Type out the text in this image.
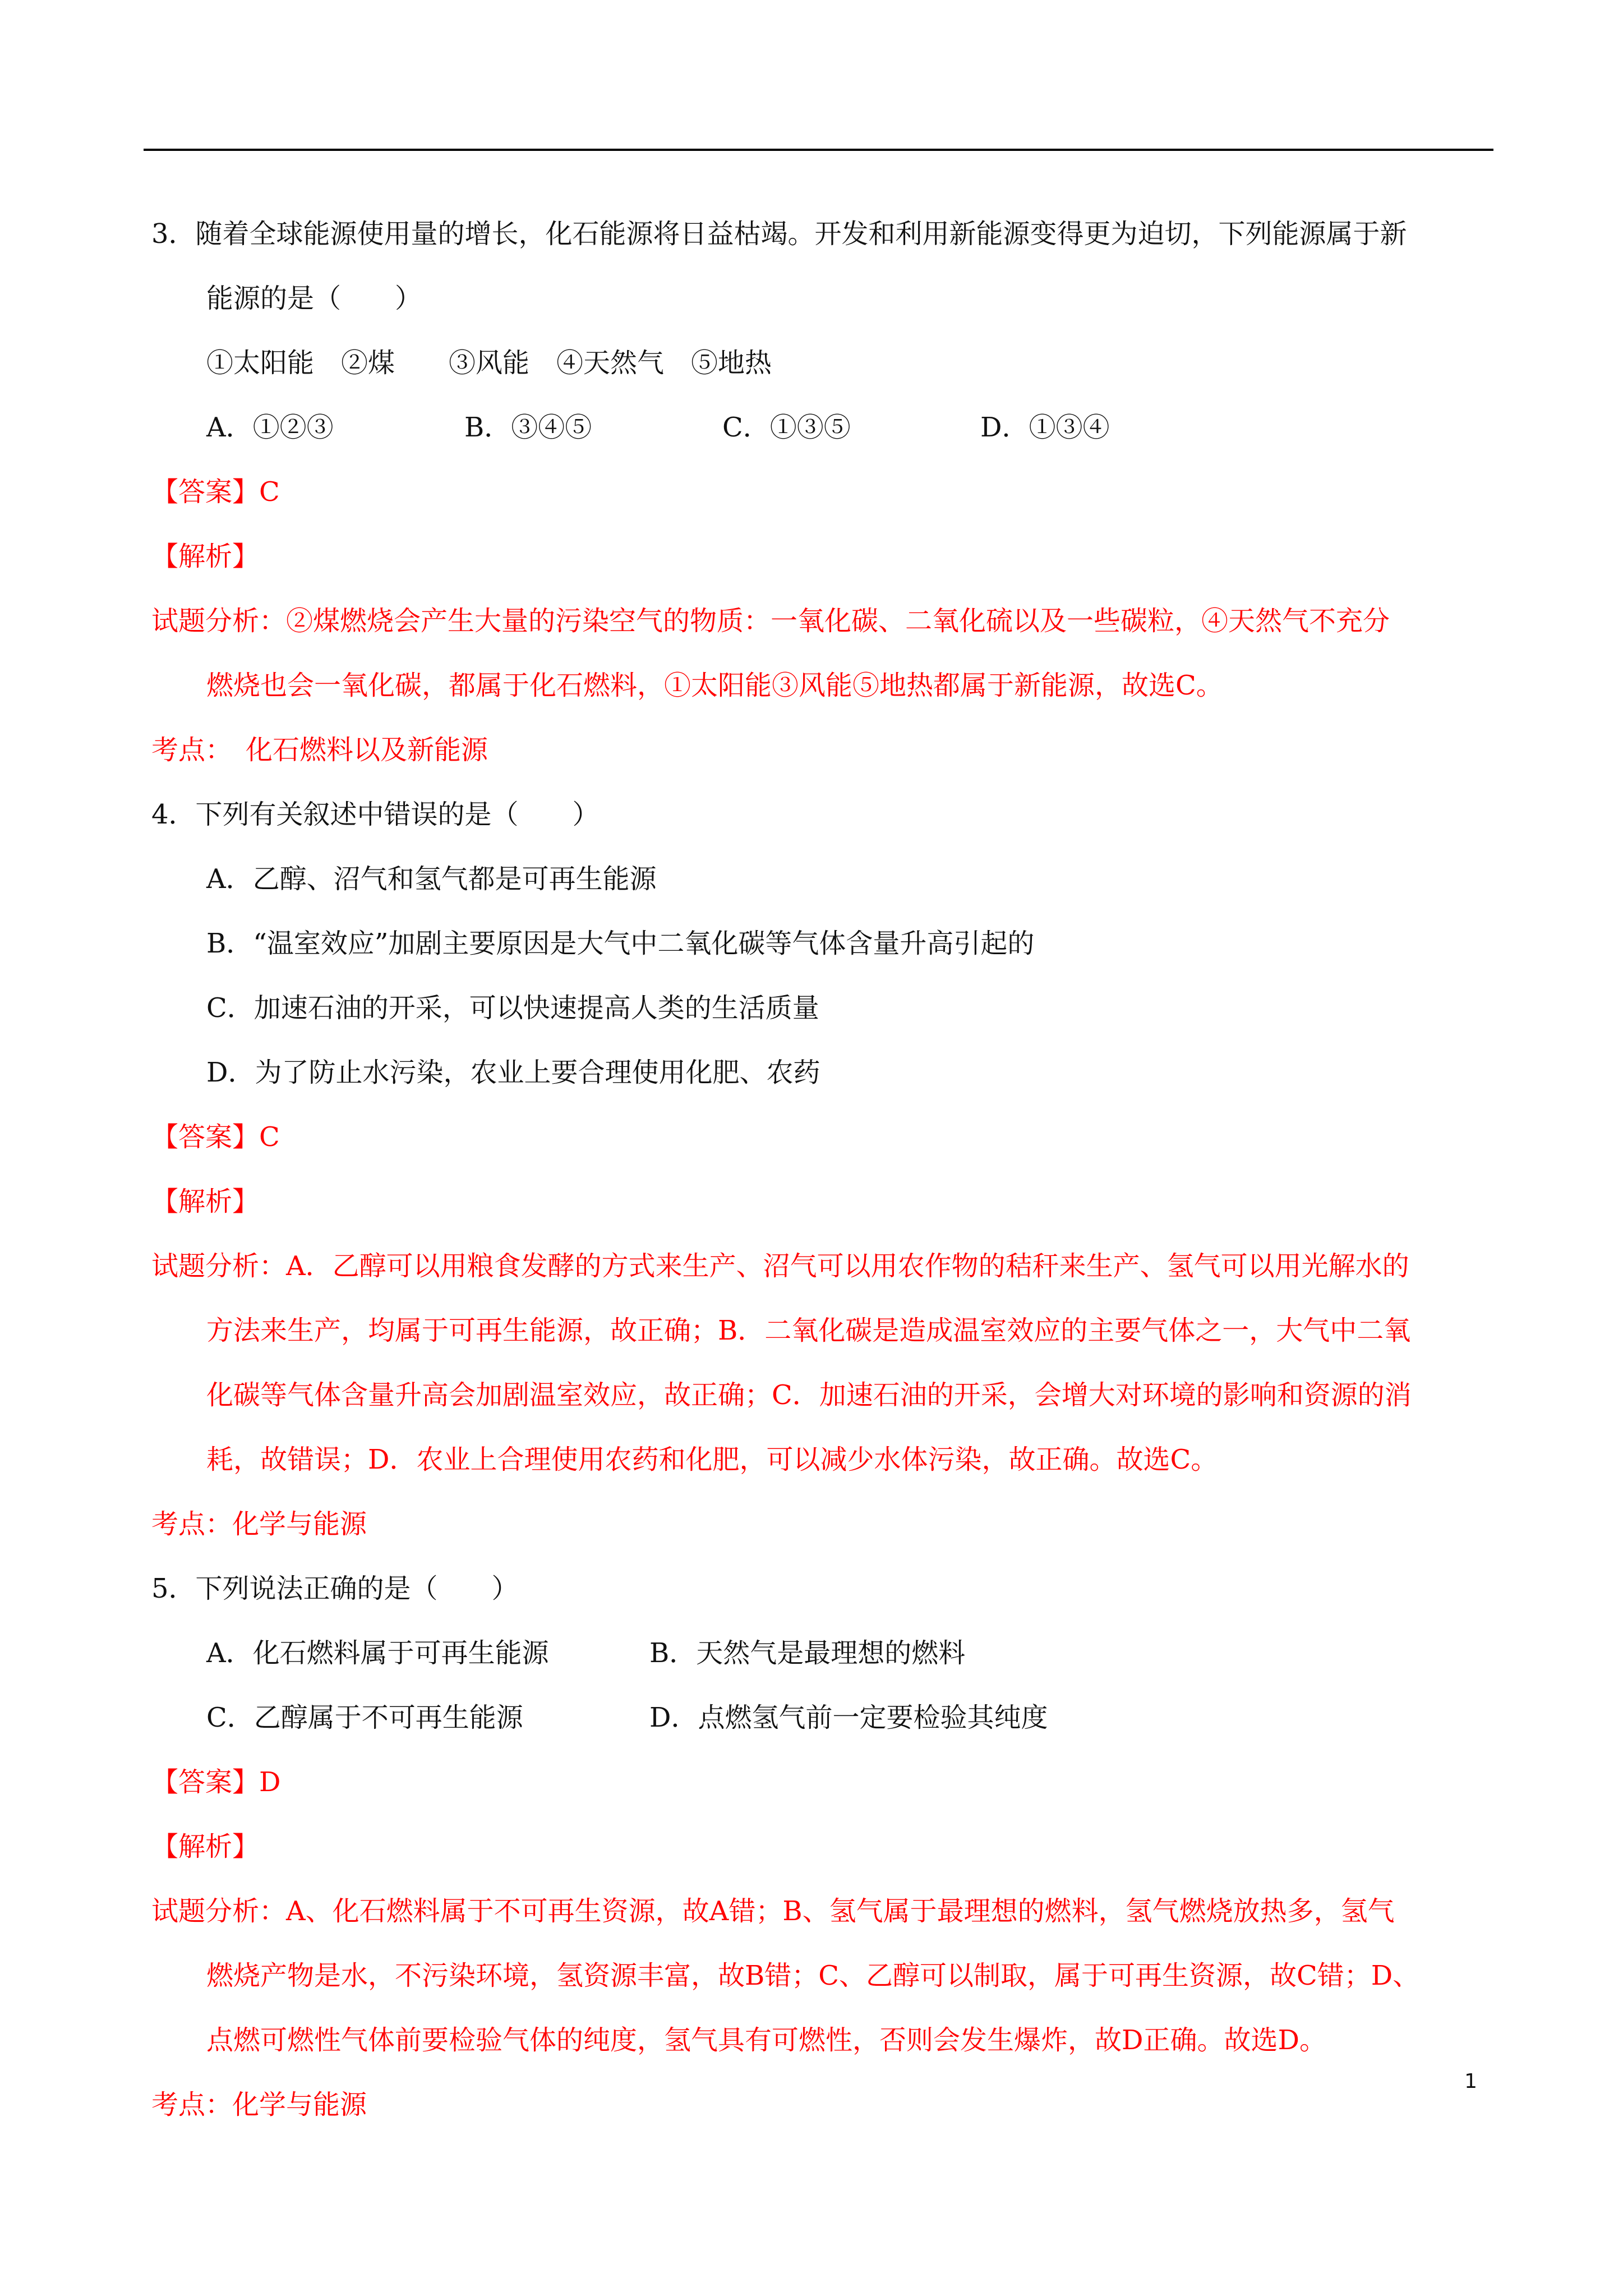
3．随着全球能源使用量的增长，化石能源将日益枯竭。开发和利用新能源变得更为迫切，下列能源属于新
能源的是（　　）
①太阳能　②煤　　③风能　④天然气　⑤地热
A．①②③	B．③④⑤	C．①③⑤	D．①③④
【答案】C
【解析】
试题分析：②煤燃烧会产生大量的污染空气的物质：一氧化碳、二氧化硫以及一些碳粒，④天然气不充分
燃烧也会一氧化碳，都属于化石燃料，①太阳能③风能⑤地热都属于新能源，故选C。
考点：　化石燃料以及新能源
4．下列有关叙述中错误的是（　　）
A．乙醇、沼气和氢气都是可再生能源
B．“温室效应”加剧主要原因是大气中二氧化碳等气体含量升高引起的
C．加速石油的开采，可以快速提高人类的生活质量
D．为了防止水污染，农业上要合理使用化肥、农药
【答案】C
【解析】
试题分析：A．乙醇可以用粮食发酵的方式来生产、沼气可以用农作物的秸秆来生产、氢气可以用光解水的
方法来生产，均属于可再生能源，故正确；B．二氧化碳是造成温室效应的主要气体之一，大气中二氧
化碳等气体含量升高会加剧温室效应，故正确；C．加速石油的开采，会增大对环境的影响和资源的消
耗，故错误；D．农业上合理使用农药和化肥，可以减少水体污染，故正确。故选C。
考点：化学与能源
5．下列说法正确的是（　　）
A．化石燃料属于可再生能源	B．天然气是最理想的燃料
C．乙醇属于不可再生能源	D．点燃氢气前一定要检验其纯度
【答案】D
【解析】
试题分析：A、化石燃料属于不可再生资源，故A错；B、氢气属于最理想的燃料，氢气燃烧放热多，氢气
燃烧产物是水，不污染环境，氢资源丰富，故B错；C、乙醇可以制取，属于可再生资源，故C错；D、
点燃可燃性气体前要检验气体的纯度，氢气具有可燃性，否则会发生爆炸，故D正确。故选D。
考点：化学与能源
1
